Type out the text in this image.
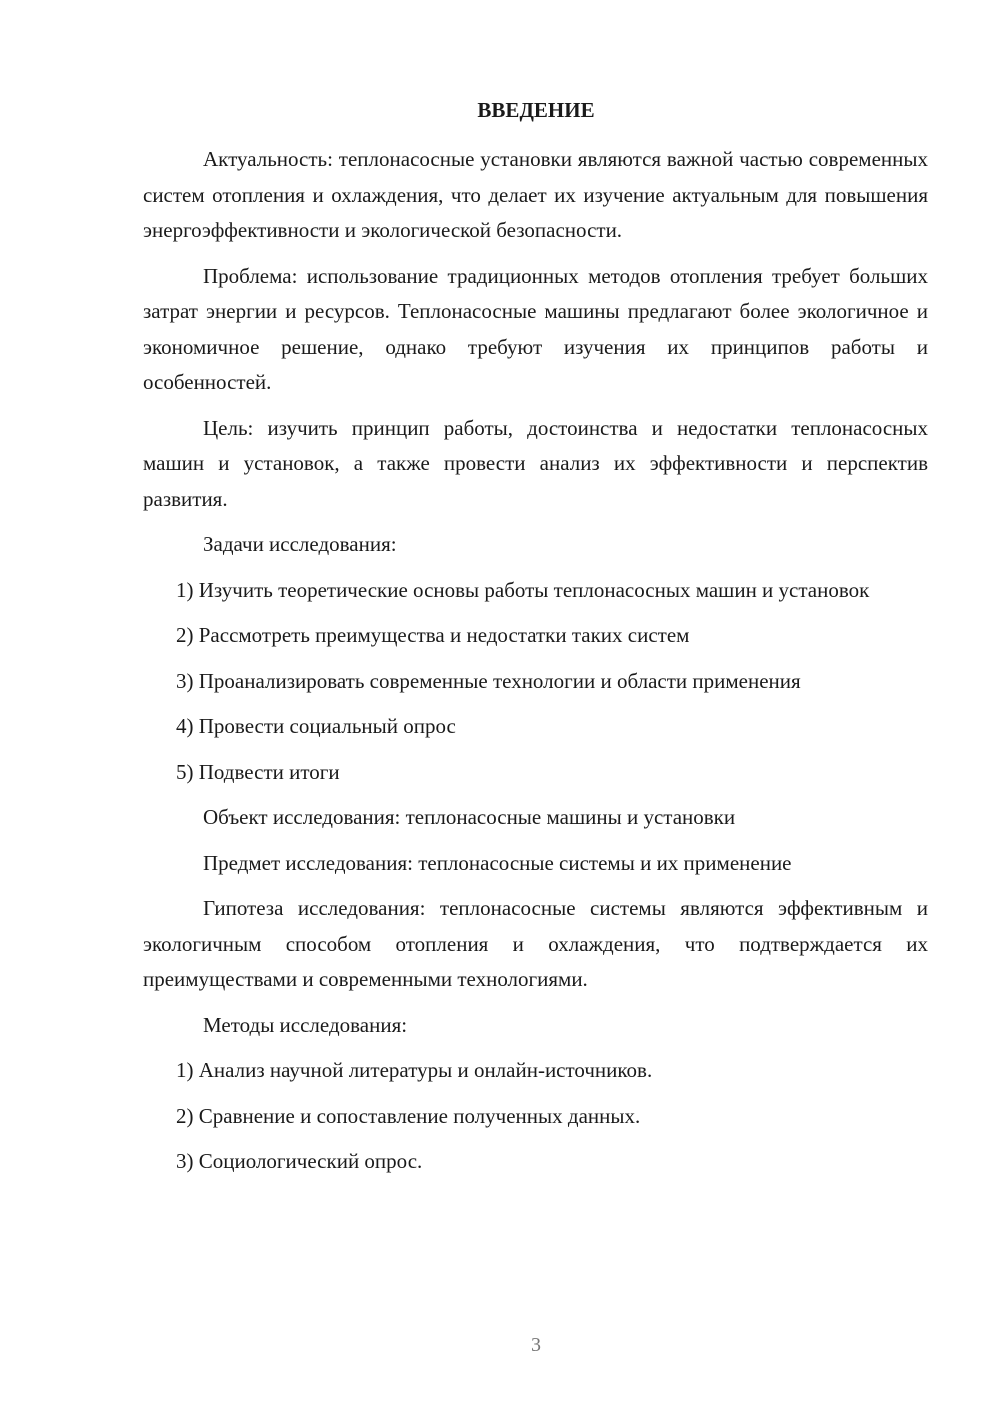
ВВЕДЕНИЕ

Актуальность: теплонасосные установки являются важной частью современных систем отопления и охлаждения, что делает их изучение актуальным для повышения энергоэффективности и экологической безопасности.

Проблема: использование традиционных методов отопления требует больших затрат энергии и ресурсов. Теплонасосные машины предлагают более экологичное и экономичное решение, однако требуют изучения их принципов работы и особенностей.

Цель: изучить принцип работы, достоинства и недостатки теплонасосных машин и установок, а также провести анализ их эффективности и перспектив развития.

Задачи исследования:

1) Изучить теоретические основы работы теплонасосных машин и установок

2) Рассмотреть преимущества и недостатки таких систем

3) Проанализировать современные технологии и области применения

4) Провести социальный опрос

5) Подвести итоги

Объект исследования: теплонасосные машины и установки

Предмет исследования: теплонасосные системы и их применение

Гипотеза исследования: теплонасосные системы являются эффективным и экологичным способом отопления и охлаждения, что подтверждается их преимуществами и современными технологиями.

Методы исследования:

1) Анализ научной литературы и онлайн-источников.

2) Сравнение и сопоставление полученных данных.

3) Социологический опрос.

3
